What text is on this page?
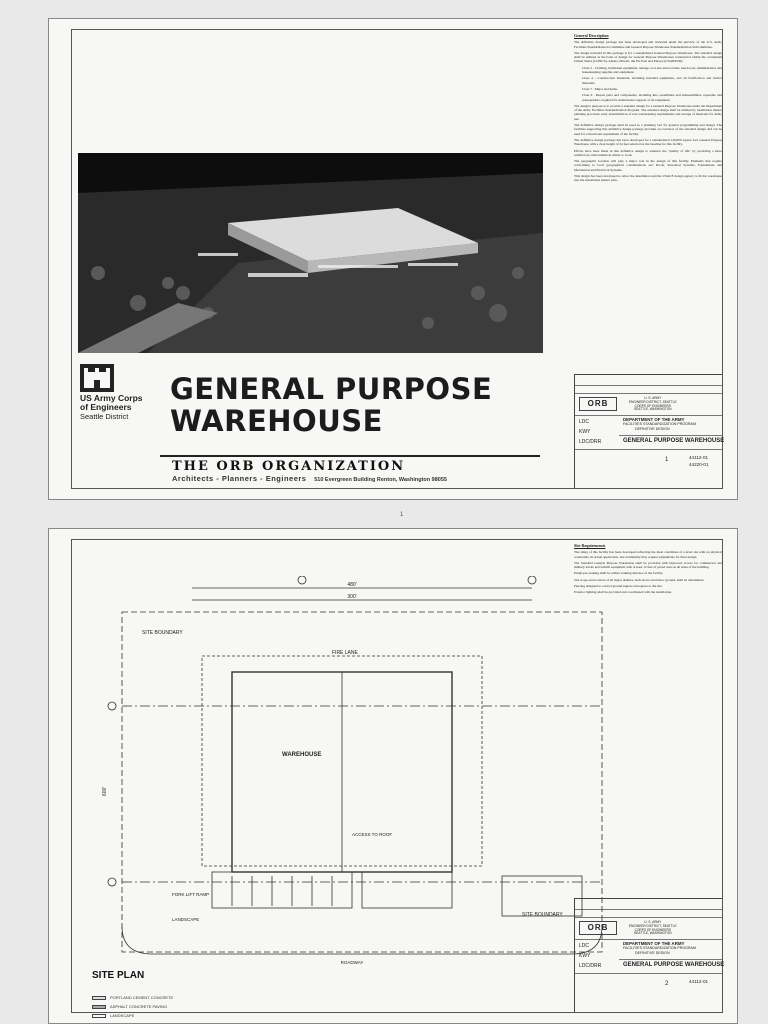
General Description

The definitive design package has been developed and reviewed under the purview of the U.S. Army Facilities Standardization Committee and General Purpose Warehouse Standardization Subcommittee.

The design included in this package is for a standardized General Purpose Warehouse. The standard design shall be utilized as the basis of design for General Purpose Warehouses constructed within the continental United States (CONUS), Alaska, Hawaii, the Far East and Europe (USAREUR).

Class 2 - Clothing, individual equipment, tentage, tool sets and tool kits, hand tools, administrative and housekeeping supplies and equipment.

Class 4 - Construction materials, including installed equipment, and all fortification and barrier materials.

Class 7 - Major end items.

Class 9 - Repair parts and components, including kits, assemblies and subassemblies, reparable and nonreparable, required for maintenance support of all equipment.

The design's purpose is to provide a standard design for a General Purpose Warehouse under the Department of the Army Facilities Standardization Program. The standard design shall be utilized by installation master planning processes early determination of non-warehousing requirements and storage of materials for Army use.

The definitive design package shall be used as a planning tool for general programming and design. The facilities supporting this definitive design package provides an overview of the standard design and can be used for a functional requirement of the facility.

The definitive design package has been developed for a standardized 120,000 square foot General Purpose Warehouse with a clear height of 24 feet selected as the baseline for this facility.

Efforts have been made in this definitive design to enhance the "quality of life" by providing a more satisfactory environment in which to work.

The geographic location will play a major role in the design of this facility. Elements that require conforming to local geographical considerations are: Roofs, Structural Systems, Foundations and Mechanical and Electrical Systems.

This design has been developed to allow the installation and the USACE design agency to fit the warehouse into the installation master plan.

ORB
U. S. ARMY
ENGINEER DISTRICT, SEATTLE
CORPS OF ENGINEERS
SEATTLE, WASHINGTON
DEPARTMENT OF THE ARMY
FACILITIES STANDARDIZATION PROGRAM
DEFINITIVE DESIGN
LDC
KWY
LDC/DRR	GENERAL PURPOSE WAREHOUSE
1	44112-01
44220-01
US Army Corps
of Engineers
Seattle District
GENERAL PURPOSE
WAREHOUSE
THE ORB ORGANIZATION
Architects - Planners - Engineers 510 Evergreen Building Renton, Washington 98055
1
Site Requirements

The siting of this facility has been developed reflecting the ideal conditions of a level site with no physical constraints. In actual application, site availability may require adjustments for final design.

The Standard General Purpose Warehouse shall be provided with improved access for commercial and military trucks and forklift equipment with at least 12 feet of paved area on all sides of the building.

Employee parking shall be within walking distance of the facility.

The scope and location of all major utilities, both above and below ground, shall be determined.

Fencing designed to control ground ingress and egress to the site.

Exterior lighting shall be provided and coordinated with the installation.

ORB
U. S. ARMY
ENGINEER DISTRICT, SEATTLE
CORPS OF ENGINEERS
SEATTLE, WASHINGTON
DEPARTMENT OF THE ARMY
FACILITIES STANDARDIZATION PROGRAM
DEFINITIVE DESIGN
LDC
KWY
LDC/DRR	GENERAL PURPOSE WAREHOUSE
2	44112-01
480'
300'
SITE BOUNDARY
SITE BOUNDARY
FIRE LANE
WAREHOUSE
ACCESS TO ROOF
FORK LIFT RAMP
LANDSCAPE
ROADWAY
600'
SITE PLAN
PORTLAND CEMENT CONCRETE
ASPHALT CONCRETE PAVING
LANDSCAPE
